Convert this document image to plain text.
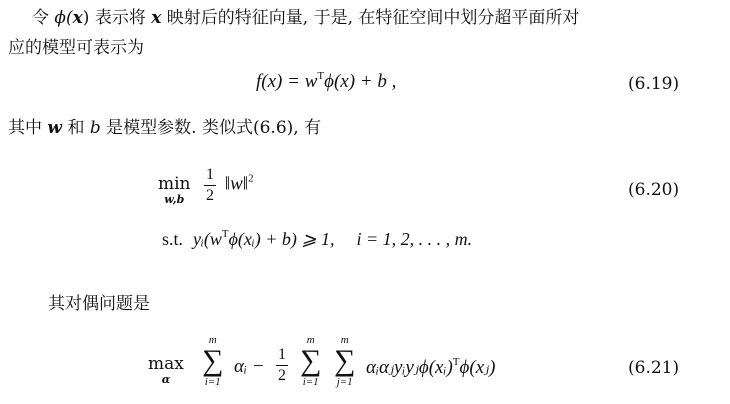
令 ϕ(x) 表示将 x 映射后的特征向量, 于是, 在特征空间中划分超平面所对
应的模型可表示为
$f(x) = w^T\phi(x) + b$ ,	(6.19)
其中 w 和 b 是模型参数. 类似式(6.6), 有
min
w,b	$\frac{1}{2}$ ‖w‖$^2$
(6.20)
s.t. $yᵢ(w^T\phi(xᵢ) + b)$ ⩾ 1, i = 1, 2, . . . , m.
其对偶问题是
max
α
m
∑
i=1
αᵢ − $\frac{1}{2}$
m
∑
i=1
m
∑
j=1
αᵢαⱼyᵢyⱼϕ(xᵢ)$^T$ϕ(xⱼ)	(6.21)
